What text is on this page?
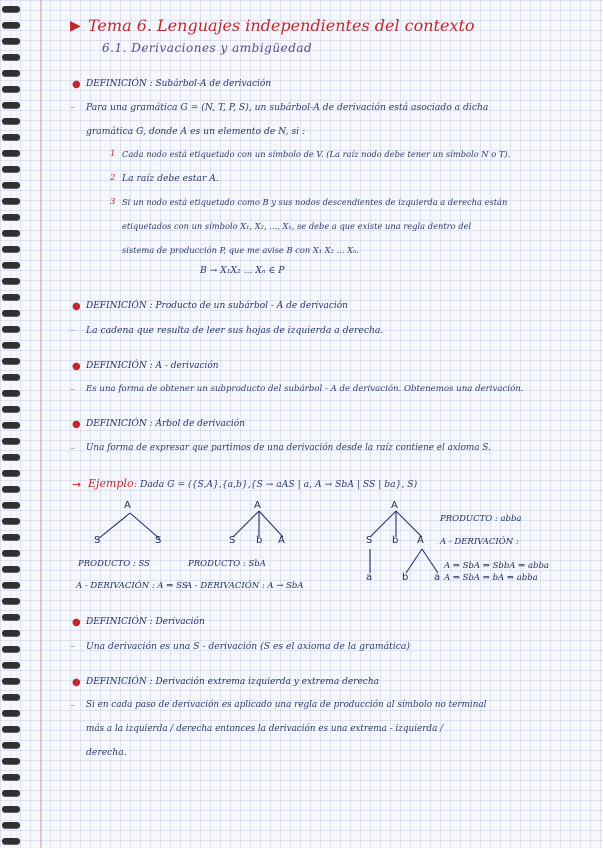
▶ Tema 6. Lenguajes independientes del contexto
6.1. Derivaciones y ambigüedad
● DEFINICIÓN : Subárbol-A de derivación
– Para una gramática G = (N, T, P, S), un subárbol-A de derivación está asociado a dicha
gramática G, donde A es un elemento de N, si :
1 Cada nodo está etiquetado con un símbolo de V. (La raíz nodo debe tener un símbolo N o T).
2 La raíz debe estar A.
3 Si un nodo está etiquetado como B y sus nodos descendientes de izquierda a derecha están
etiquetados con un símbolo X₁, X₂, ..., Xₙ, se debe a que existe una regla dentro del
sistema de producción P, que me avise B con X₁ X₂ ... Xₙ.
B → X₁X₂ ... Xₙ ∈ P
● DEFINICIÓN : Producto de un subárbol - A de derivación
– La cadena que resulta de leer sus hojas de izquierda a derecha.
● DEFINICIÓN : A - derivación
– Es una forma de obtener un subproducto del subárbol - A de derivación. Obtenemos una derivación.
● DEFINICIÓN : Árbol de derivación
– Una forma de expresar que partimos de una derivación desde la raíz contiene el axioma S.
→ Ejemplo : Dada G = ({S,A},{a,b},{S → aAS | a, A → SbA | SS | ba}, S)
A
S	S
A
S b A
A
S b A
a	b	a
PRODUCTO : SS
A - DERIVACIÓN : A ⇒ SS
PRODUCTO : SbA
A - DERIVACIÓN : A → SbA
PRODUCTO : abba
A - DERIVACIÓN :
A ⇒ SbA ⇒ SbbA ⇒ abba
A ⇒ SbA ⇒ bA ⇒ abba
● DEFINICIÓN : Derivación
– Una derivación es una S - derivación (S es el axioma de la gramática)
● DEFINICIÓN : Derivación extrema izquierda y extrema derecha
– Si en cada paso de derivación es aplicado una regla de producción al símbolo no terminal
más a la izquierda / derecha entonces la derivación es una extrema - izquierda /
derecha.
